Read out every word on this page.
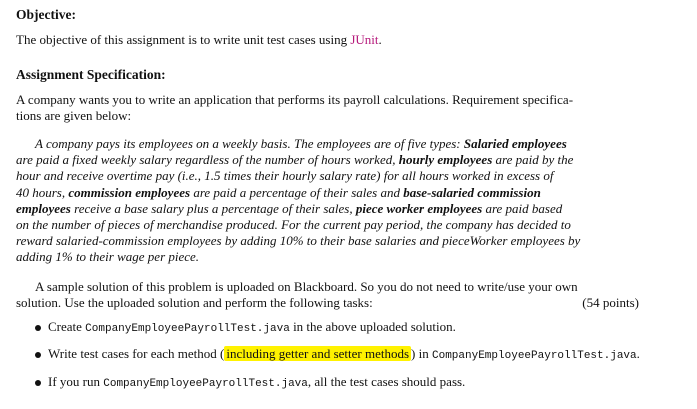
Objective:
The objective of this assignment is to write unit test cases using JUnit.
Assignment Specification:
A company wants you to write an application that performs its payroll calculations. Requirement specifica-
tions are given below:
A company pays its employees on a weekly basis. The employees are of five types: Salaried employees
are paid a fixed weekly salary regardless of the number of hours worked, hourly employees are paid by the
hour and receive overtime pay (i.e., 1.5 times their hourly salary rate) for all hours worked in excess of
40 hours, commission employees are paid a percentage of their sales and base-salaried commission
employees receive a base salary plus a percentage of their sales, piece worker employees are paid based
on the number of pieces of merchandise produced. For the current pay period, the company has decided to
reward salaried-commission employees by adding 10% to their base salaries and pieceWorker employees by
adding 1% to their wage per piece.
A sample solution of this problem is uploaded on Blackboard. So you do not need to write/use your own
solution. Use the uploaded solution and perform the following tasks:	(54 points)
Create CompanyEmployeePayrollTest.java in the above uploaded solution.
Write test cases for each method ( including getter and setter methods ) in CompanyEmployeePayrollTest.java.
If you run CompanyEmployeePayrollTest.java, all the test cases should pass.
